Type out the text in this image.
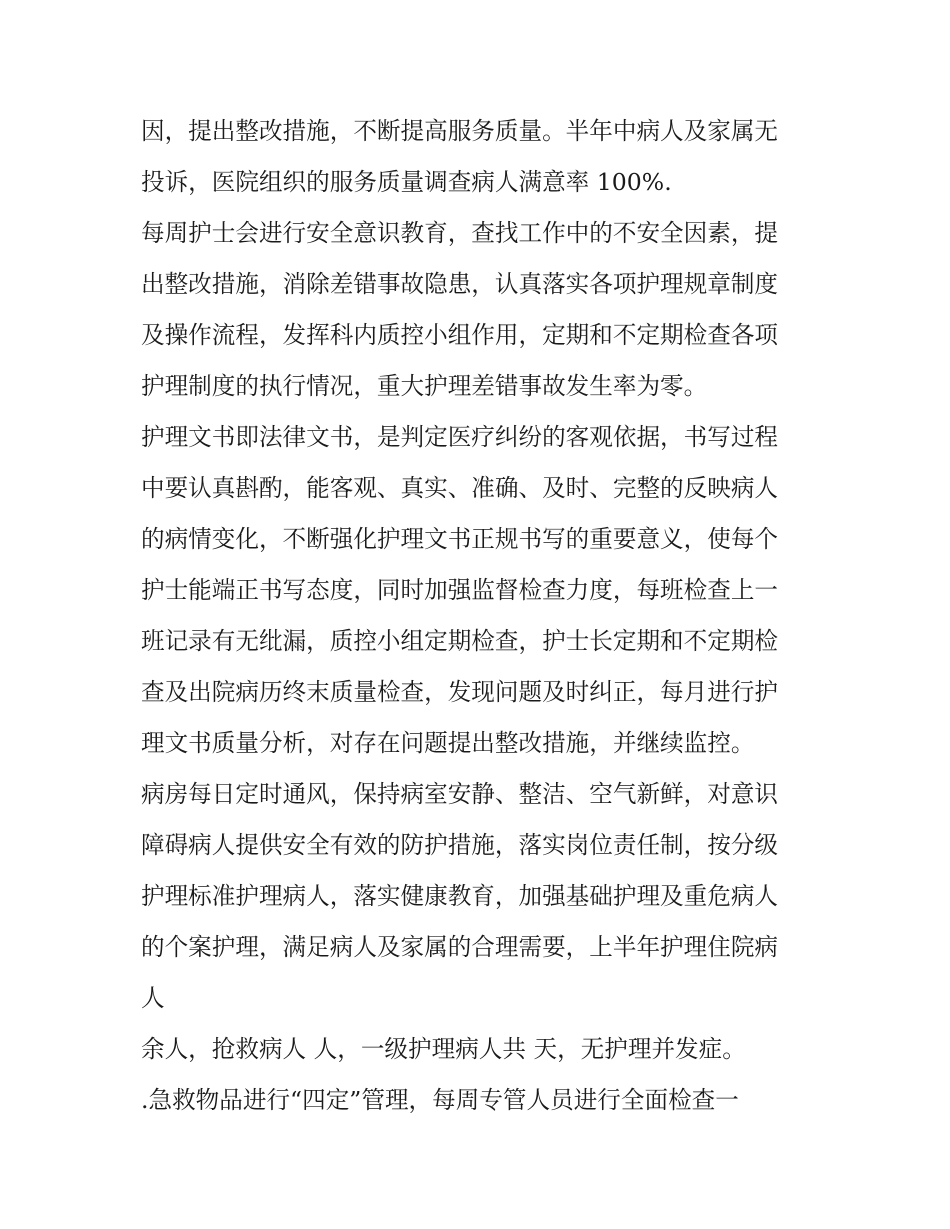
因，提出整改措施，不断提高服务质量。半年中病人及家属无
投诉，医院组织的服务质量调查病人满意率 100%.
每周护士会进行安全意识教育，查找工作中的不安全因素，提
出整改措施，消除差错事故隐患，认真落实各项护理规章制度
及操作流程，发挥科内质控小组作用，定期和不定期检查各项
护理制度的执行情况，重大护理差错事故发生率为零。
护理文书即法律文书，是判定医疗纠纷的客观依据，书写过程
中要认真斟酌，能客观、真实、准确、及时、完整的反映病人
的病情变化，不断强化护理文书正规书写的重要意义，使每个
护士能端正书写态度，同时加强监督检查力度，每班检查上一
班记录有无纰漏，质控小组定期检查，护士长定期和不定期检
查及出院病历终末质量检查，发现问题及时纠正，每月进行护
理文书质量分析，对存在问题提出整改措施，并继续监控。
病房每日定时通风，保持病室安静、整洁、空气新鲜，对意识
障碍病人提供安全有效的防护措施，落实岗位责任制，按分级
护理标准护理病人，落实健康教育，加强基础护理及重危病人
的个案护理，满足病人及家属的合理需要，上半年护理住院病
人
余人，抢救病人 人，一级护理病人共 天，无护理并发症。
.急救物品进行“四定”管理，每周专管人员进行全面检查一
